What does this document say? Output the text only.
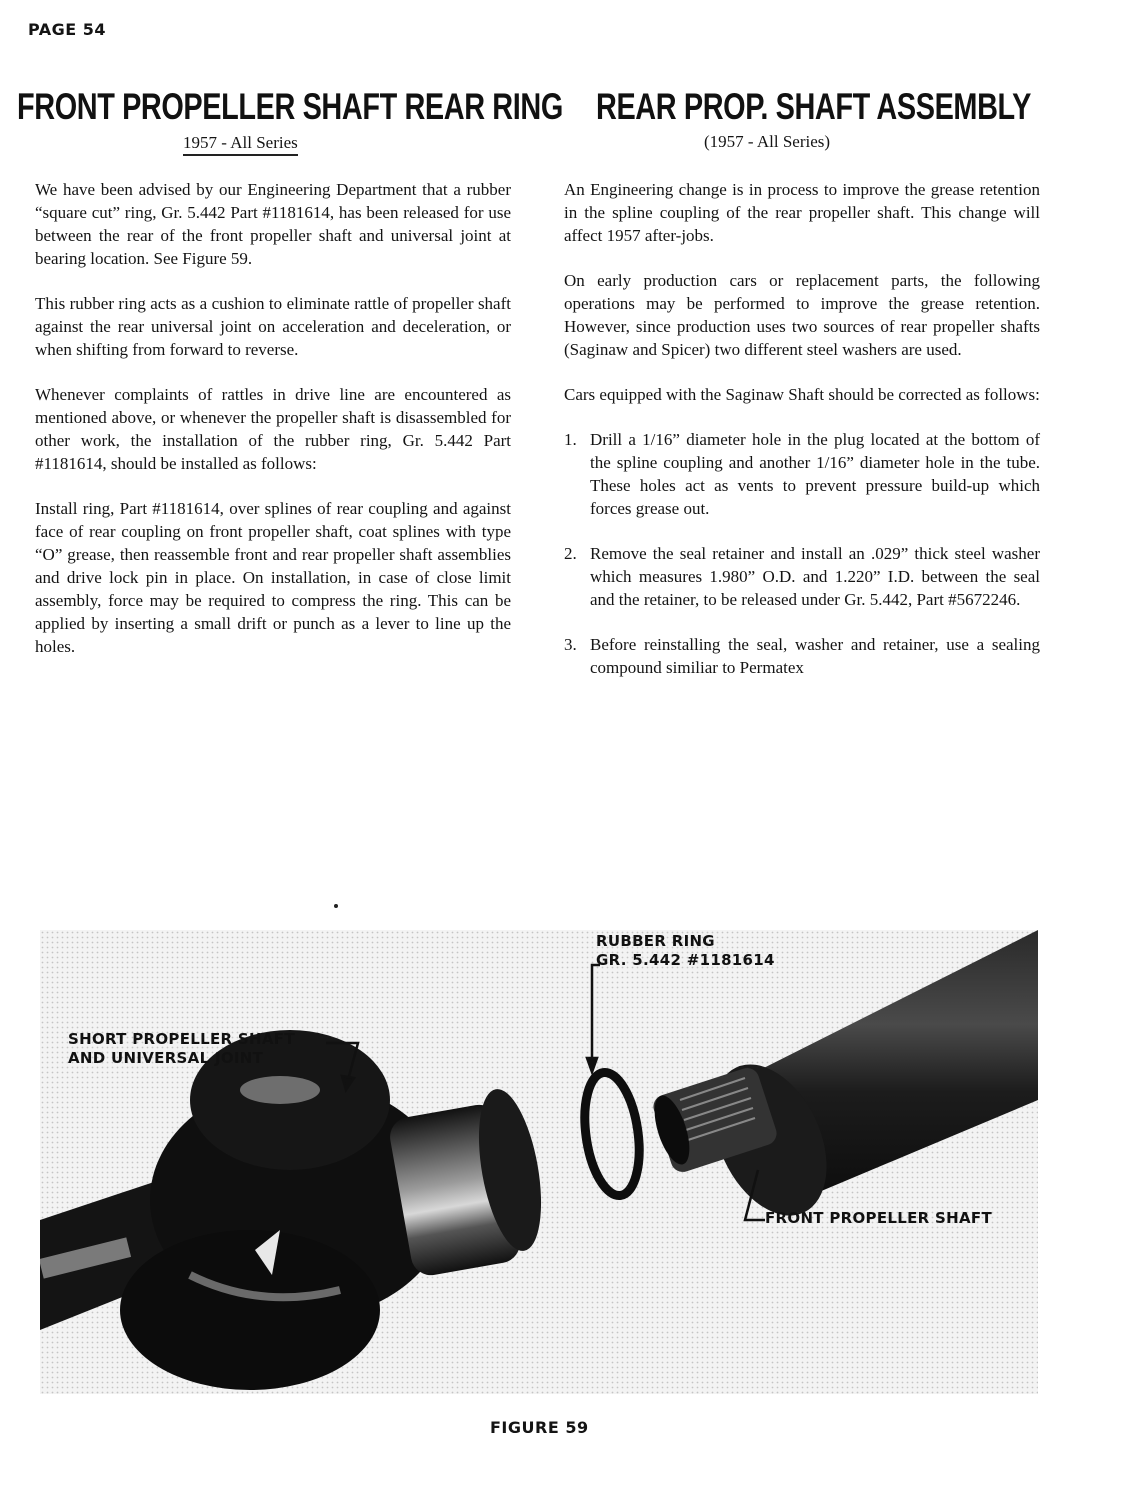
PAGE 54
FRONT PROPELLER SHAFT REAR RING
1957 - All Series
REAR PROP. SHAFT ASSEMBLY
(1957 - All Series)

We have been advised by our Engineering Department that a rubber “square cut” ring, Gr. 5.442 Part #1181614, has been released for use between the rear of the front propeller shaft and universal joint at bearing location. See Figure 59.

This rubber ring acts as a cushion to eliminate rattle of propeller shaft against the rear universal joint on acceleration and deceleration, or when shifting from forward to reverse.

Whenever complaints of rattles in drive line are encountered as mentioned above, or whenever the propeller shaft is disassembled for other work, the installation of the rubber ring, Gr. 5.442 Part #1181614, should be installed as follows:

Install ring, Part #1181614, over splines of rear coupling and against face of rear coupling on front propeller shaft, coat splines with type “O” grease, then reassemble front and rear propeller shaft assemblies and drive lock pin in place. On installation, in case of close limit assembly, force may be required to compress the ring. This can be applied by inserting a small drift or punch as a lever to line up the holes.

An Engineering change is in process to improve the grease retention in the spline coupling of the rear propeller shaft. This change will affect 1957 after-jobs.

On early production cars or replacement parts, the following operations may be performed to improve the grease retention. However, since production uses two sources of rear propeller shafts (Saginaw and Spicer) two different steel washers are used.

Cars equipped with the Saginaw Shaft should be corrected as follows:

1. Drill a 1/16” diameter hole in the plug located at the bottom of the spline coupling and another 1/16” diameter hole in the tube. These holes act as vents to prevent pressure build-up which forces grease out.
2. Remove the seal retainer and install an .029” thick steel washer which measures 1.980” O.D. and 1.220” I.D. between the seal and the retainer, to be released under Gr. 5.442, Part #5672246.
3. Before reinstalling the seal, washer and retainer, use a sealing compound similiar to Permatex
RUBBER RING
GR. 5.442 #1181614
SHORT PROPELLER SHAFT
AND UNIVERSAL JOINT
FRONT PROPELLER SHAFT
FIGURE 59
